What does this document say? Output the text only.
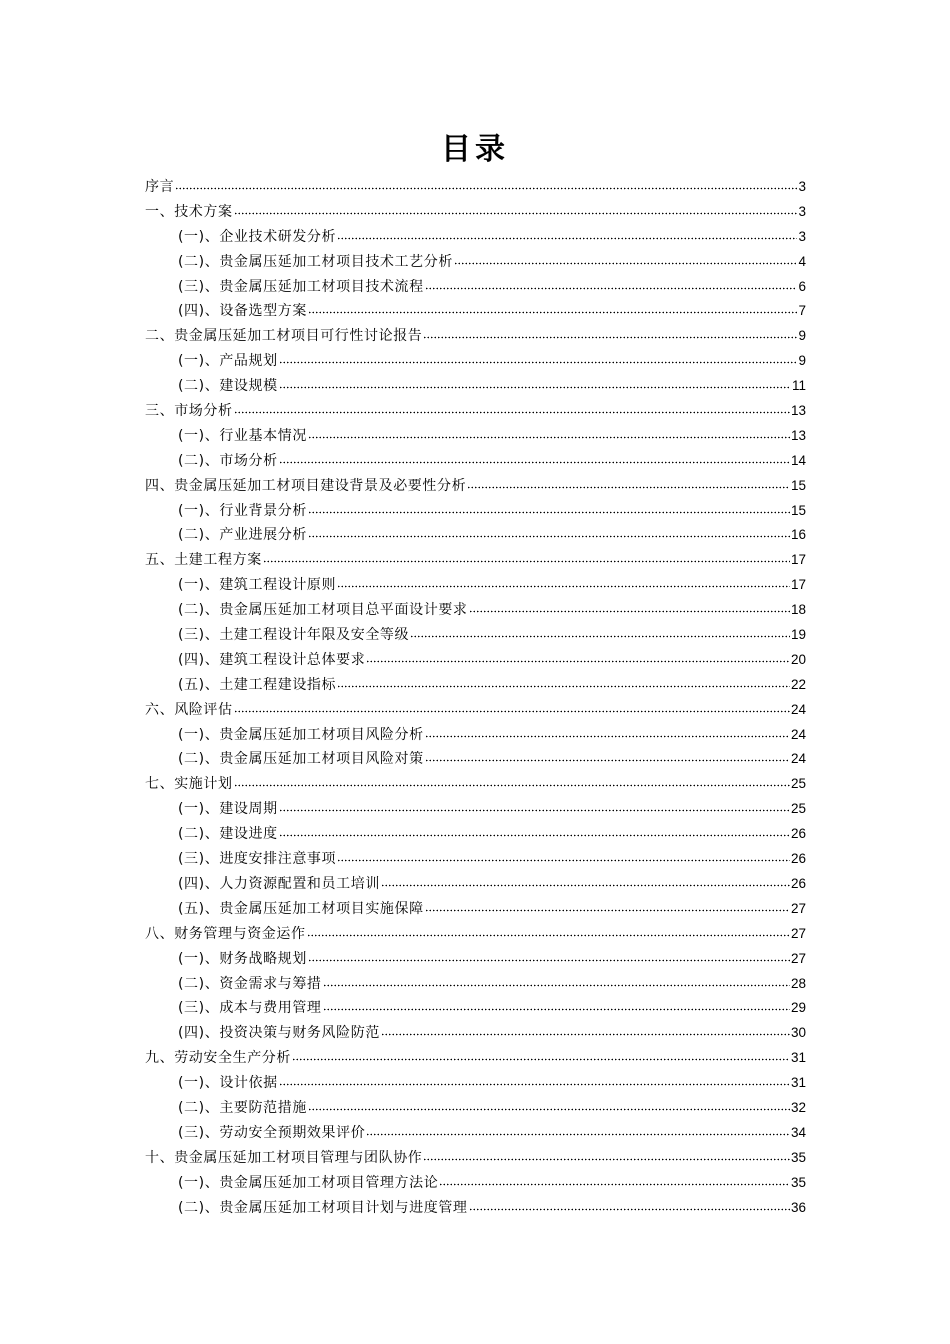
目录
序言	3
一、技术方案	3
(一)、企业技术研发分析	3
(二)、贵金属压延加工材项目技术工艺分析	4
(三)、贵金属压延加工材项目技术流程	6
(四)、设备选型方案	7
二、贵金属压延加工材项目可行性讨论报告	9
(一)、产品规划	9
(二)、建设规模	11
三、市场分析	13
(一)、行业基本情况	13
(二)、市场分析	14
四、贵金属压延加工材项目建设背景及必要性分析	15
(一)、行业背景分析	15
(二)、产业进展分析	16
五、土建工程方案	17
(一)、建筑工程设计原则	17
(二)、贵金属压延加工材项目总平面设计要求	18
(三)、土建工程设计年限及安全等级	19
(四)、建筑工程设计总体要求	20
(五)、土建工程建设指标	22
六、风险评估	24
(一)、贵金属压延加工材项目风险分析	24
(二)、贵金属压延加工材项目风险对策	24
七、实施计划	25
(一)、建设周期	25
(二)、建设进度	26
(三)、进度安排注意事项	26
(四)、人力资源配置和员工培训	26
(五)、贵金属压延加工材项目实施保障	27
八、财务管理与资金运作	27
(一)、财务战略规划	27
(二)、资金需求与筹措	28
(三)、成本与费用管理	29
(四)、投资决策与财务风险防范	30
九、劳动安全生产分析	31
(一)、设计依据	31
(二)、主要防范措施	32
(三)、劳动安全预期效果评价	34
十、贵金属压延加工材项目管理与团队协作	35
(一)、贵金属压延加工材项目管理方法论	35
(二)、贵金属压延加工材项目计划与进度管理	36
